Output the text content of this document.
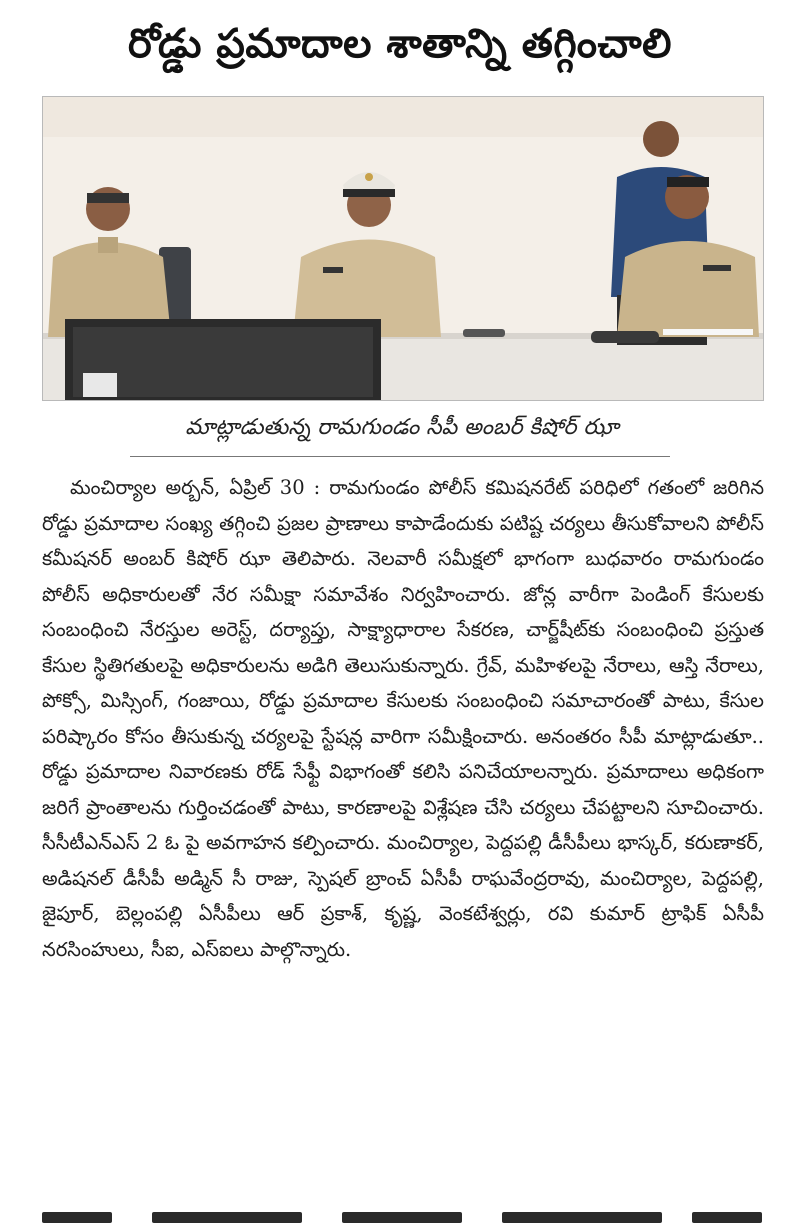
రోడ్డు ప్రమాదాల శాతాన్ని తగ్గించాలి
మాట్లాడుతున్న రామగుండం సీపీ అంబర్ కిషోర్ ఝా

మంచిర్యాల అర్బన్, ఏప్రిల్ 30 : రామగుండం పోలీస్ కమిషనరేట్ పరిధిలో గతంలో జరిగిన రోడ్డు ప్రమాదాల సంఖ్య తగ్గించి ప్రజల ప్రాణాలు కాపాడేందుకు పటిష్ట చర్యలు తీసుకోవాలని పోలీస్ కమీషనర్ అంబర్ కిషోర్ ఝా తెలిపారు. నెలవారీ సమీక్షలో భాగంగా బుధవారం రామగుండం పోలీస్ అధికారులతో నేర సమీక్షా సమావేశం నిర్వహించారు. జోన్ల వారీగా పెండింగ్ కేసులకు సంబంధించి నేరస్తుల అరెస్ట్, దర్యాప్తు, సాక్ష్యాధారాల సేకరణ, చార్జ్‌షీట్‌కు సంబంధించి ప్రస్తుత కేసుల స్థితిగతులపై అధికారులను అడిగి తెలుసుకున్నారు. గ్రేవ్, మహిళలపై నేరాలు, ఆస్తి నేరాలు, పోక్సో, మిస్సింగ్, గంజాయి, రోడ్డు ప్రమాదాల కేసులకు సంబంధించి సమాచారంతో పాటు, కేసుల పరిష్కారం కోసం తీసుకున్న చర్యలపై స్టేషన్ల వారిగా సమీక్షించారు. అనంతరం సీపీ మాట్లాడుతూ.. రోడ్డు ప్రమాదాల నివారణకు రోడ్ సేఫ్టీ విభాగంతో కలిసి పనిచేయాలన్నారు. ప్రమాదాలు అధికంగా జరిగే ప్రాంతాలను గుర్తించడంతో పాటు, కారణాలపై విశ్లేషణ చేసి చర్యలు చేపట్టాలని సూచించారు. సీసీటీఎన్ఎస్ 2 ఓ పై అవగాహన కల్పించారు. మంచిర్యాల, పెద్దపల్లి డీసీపీలు భాస్కర్, కరుణాకర్, అడిషనల్ డీసీపీ అడ్మిన్ సీ రాజు, స్పెషల్ బ్రాంచ్ ఏసీపీ రాఘవేంద్రరావు, మంచిర్యాల, పెద్దపల్లి, జైపూర్, బెల్లంపల్లి ఏసీపీలు ఆర్ ప్రకాశ్, కృష్ణ, వెంకటేశ్వర్లు, రవి కుమార్ ట్రాఫిక్ ఏసీపీ నరసింహులు, సీఐ, ఎస్ఐలు పాల్గొన్నారు.
